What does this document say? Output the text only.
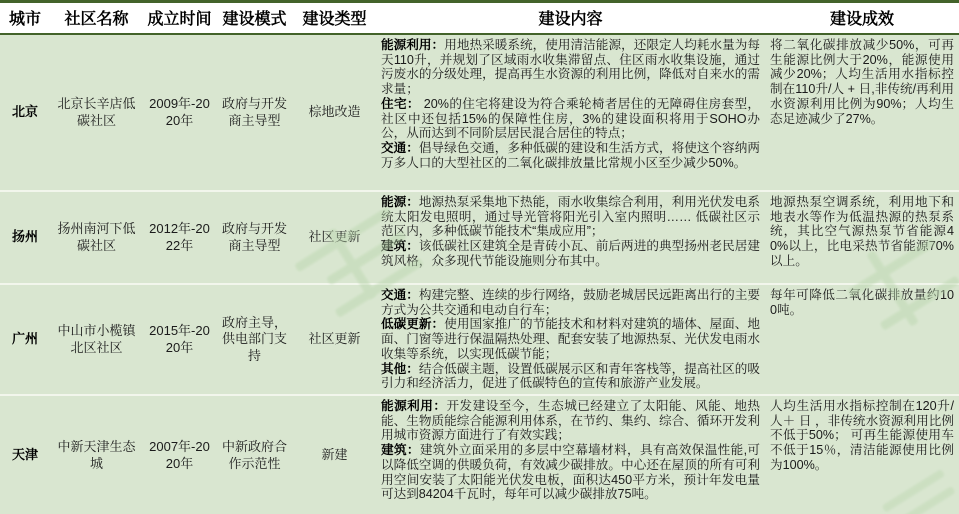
城市	社区名称	成立时间	建设模式	建设类型	建设内容	建设成效
北京	北京长辛店低碳社区	2009年-2020年	政府与开发商主导型	棕地改造	能源利用：用地热采暖系统，使用清洁能源，还限定人均耗水量为每天110升，并规划了区域雨水收集滞留点、住区雨水收集设施，通过污废水的分级处理，提高再生水资源的利用比例，降低对自来水的需求量；

住宅： 20%的住宅将建设为符合乘轮椅者居住的无障碍住房套型，社区中还包括15%的保障性住房，3%的建设面积将用于SOHO办公，从而达到不同阶层居民混合居住的特点；

交通：倡导绿色交通，多种低碳的建设和生活方式，将使这个容纳两万多人口的大型社区的二氧化碳排放量比常规小区至少减少50%。	将二氧化碳排放减少50%，可再生能源比例大于20%，能源使用减少20%；人均生活用水指标控制在110升/人 + 日,非传统/再利用水资源利用比例为90%；人均生态足迹减少了27%。
扬州	扬州南河下低碳社区	2012年-2022年	政府与开发商主导型	社区更新	能源：地源热泵采集地下热能，雨水收集综合利用，利用光伏发电系统太阳发电照明，通过导光管将阳光引入室内照明…… 低碳社区示范区内，多种低碳节能技术“集成应用”；

建筑：该低碳社区建筑全是青砖小瓦、前后两进的典型扬州老民居建筑风格，众多现代节能设施则分布其中。	地源热泵空调系统，利用地下和地表水等作为低温热源的热泵系统，其比空气源热泵节省能源40%以上，比电采热节省能源70%以上。
广州	中山市小榄镇北区社区	2015年-2020年	政府主导，供电部门支持	社区更新	交通：构建完整、连续的步行网络，鼓励老城居民远距离出行的主要方式为公共交通和电动自行车；

低碳更新：使用国家推广的节能技术和材料对建筑的墙体、屋面、地面、门窗等进行保温隔热处理、配套安装了地源热泵、光伏发电雨水收集等系统，以实现低碳节能；

其他：结合低碳主题，设置低碳展示区和青年客栈等，提高社区的吸引力和经济活力，促进了低碳特色的宣传和旅游产业发展。	每年可降低二氧化碳排放量约100吨。
天津	中新天津生态城	2007年-2020年	中新政府合作示范性	新建	能源利用：开发建设至今，生态城已经建立了太阳能、风能、地热能、生物质能综合能源利用体系，在节约、集约、综合、循环开发利用城市资源方面进行了有效实践；

建筑：建筑外立面采用的多层中空幕墙材料，具有高效保温性能,可以降低空调的供暖负荷，有效减少碳排放。中心还在屋顶的所有可利用空间安装了太阳能光伏发电板，面积达450平方米，预计年发电量可达到84204千瓦时，每年可以减少碳排放75吨。	人均生活用水指标控制在120升/人＋ 日 ，非传统水资源利用比例不低于50%； 可再生能源使用车不低于15％，清洁能源使用比例为100%。
